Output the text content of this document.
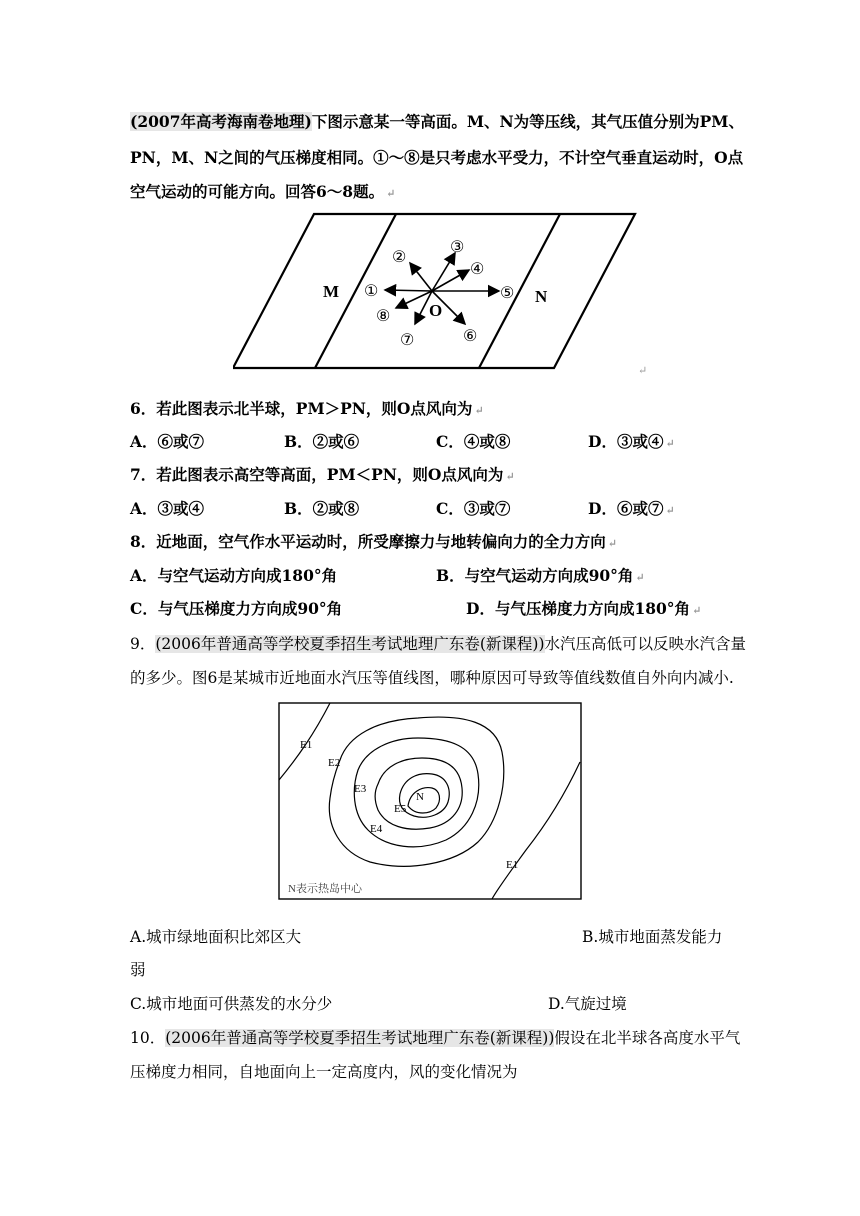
(2007年高考海南卷地理)下图示意某一等高面。M、N为等压线，其气压值分别为PM、
PN，M、N之间的气压梯度相同。①～⑧是只考虑水平受力，不计空气垂直运动时，O点
空气运动的可能方向。回答6～8题。 ↵
M	N
O
①
②
③
④
⑤
⑥
⑦
⑧
↵
6．若此图表示北半球，PM＞PN，则O点风向为 ↵
A．⑥或⑦	B．②或⑥	C．④或⑧	D．③或④ ↵
7．若此图表示高空等高面，PM＜PN，则O点风向为 ↵
A．③或④	B．②或⑧	C．③或⑦	D．⑥或⑦ ↵
8．近地面，空气作水平运动时，所受摩擦力与地转偏向力的全力方向 ↵
A．与空气运动方向成180°角	B．与空气运动方向成90°角 ↵
C．与气压梯度力方向成90°角	D．与气压梯度力方向成180°角 ↵
9．(2006年普通高等学校夏季招生考试地理广东卷(新课程))水汽压高低可以反映水汽含量
的多少。图6是某城市近地面水汽压等值线图，哪种原因可导致等值线数值自外向内减小.
E1
E2
E3
E4
E5
N
E1
N表示热岛中心
A.城市绿地面积比郊区大	B.城市地面蒸发能力
弱
C.城市地面可供蒸发的水分少	D.气旋过境
10．(2006年普通高等学校夏季招生考试地理广东卷(新课程))假设在北半球各高度水平气
压梯度力相同，自地面向上一定高度内，风的变化情况为
